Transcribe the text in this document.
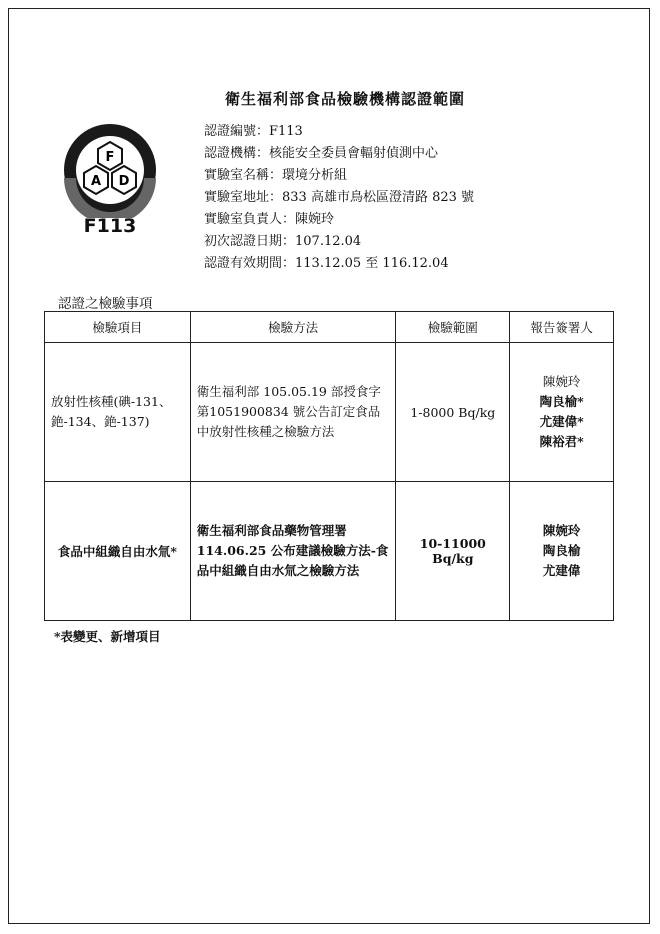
衛生福利部食品檢驗機構認證範圍
F
D
A
F113
認證編號：F113
認證機構：核能安全委員會輻射偵測中心
實驗室名稱：環境分析組
實驗室地址：833 高雄市鳥松區澄清路 823 號
實驗室負責人：陳婉玲
初次認證日期：107.12.04
認證有效期間：113.12.05 至 116.12.04
認證之檢驗事項
檢驗項目	檢驗方法	檢驗範圍	報告簽署人
放射性核種(碘-131、銫-134、銫-137)	衛生福利部 105.05.19 部授食字第1051900834 號公告訂定食品中放射性核種之檢驗方法	1-8000 Bq/kg	陳婉玲
陶良榆*
尤建偉*
陳裕君*

食品中組織自由水氚*	衛生福利部食品藥物管理署 114.06.25 公布建議檢驗方法-食品中組織自由水氚之檢驗方法	10-11000 Bq/kg	陳婉玲
陶良榆
尤建偉
*表變更、新增項目
